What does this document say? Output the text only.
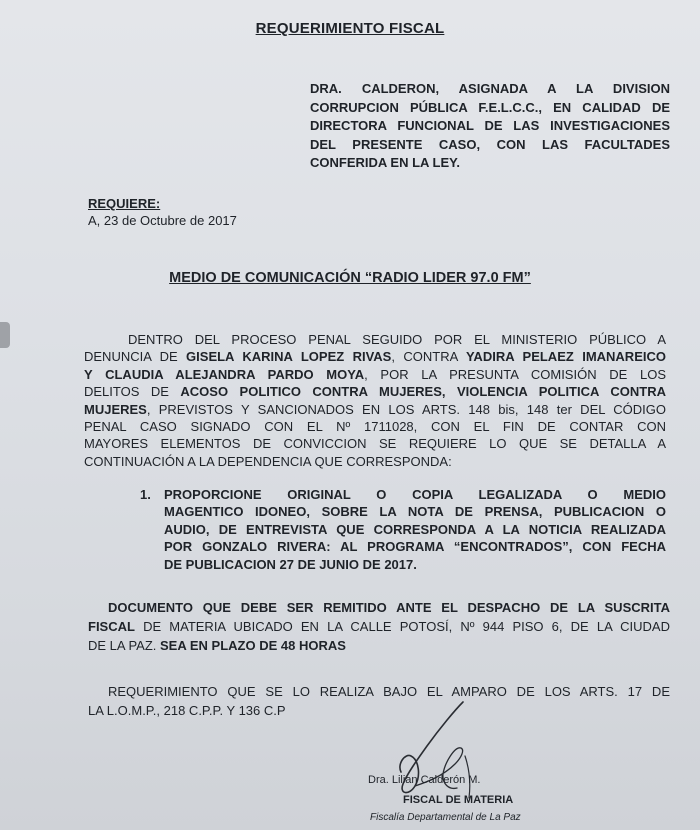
REQUERIMIENTO FISCAL
DRA. CALDERON, ASIGNADA A LA DIVISION
CORRUPCION PÚBLICA F.E.L.C.C., EN CALIDAD DE
DIRECTORA FUNCIONAL DE LAS INVESTIGACIONES
DEL PRESENTE CASO, CON LAS FACULTADES
CONFERIDA EN LA LEY.
REQUIERE:
A, 23 de Octubre de 2017
MEDIO DE COMUNICACIÓN “RADIO LIDER 97.0 FM”
DENTRO DEL PROCESO PENAL SEGUIDO POR EL MINISTERIO PÚBLICO A
DENUNCIA DE GISELA KARINA LOPEZ RIVAS, CONTRA YADIRA PELAEZ IMANAREICO
Y CLAUDIA ALEJANDRA PARDO MOYA, POR LA PRESUNTA COMISIÓN DE LOS
DELITOS DE ACOSO POLITICO CONTRA MUJERES, VIOLENCIA POLITICA CONTRA
MUJERES, PREVISTOS Y SANCIONADOS EN LOS ARTS. 148 bis, 148 ter DEL CÓDIGO
PENAL CASO SIGNADO CON EL Nº 1711028, CON EL FIN DE CONTAR CON
MAYORES ELEMENTOS DE CONVICCION SE REQUIERE LO QUE SE DETALLA A
CONTINUACIÓN A LA DEPENDENCIA QUE CORRESPONDA:
1. PROPORCIONE ORIGINAL O COPIA LEGALIZADA O MEDIO
MAGENTICO IDONEO, SOBRE LA NOTA DE PRENSA, PUBLICACION O
AUDIO, DE ENTREVISTA QUE CORRESPONDA A LA NOTICIA REALIZADA
POR GONZALO RIVERA: AL PROGRAMA “ENCONTRADOS”, CON FECHA
DE PUBLICACION 27 DE JUNIO DE 2017.
DOCUMENTO QUE DEBE SER REMITIDO ANTE EL DESPACHO DE LA SUSCRITA
FISCAL DE MATERIA UBICADO EN LA CALLE POTOSÍ, Nº 944 PISO 6, DE LA CIUDAD
DE LA PAZ. SEA EN PLAZO DE 48 HORAS
REQUERIMIENTO QUE SE LO REALIZA BAJO EL AMPARO DE LOS ARTS. 17 DE
LA L.O.M.P., 218 C.P.P. Y 136 C.P
Dra. Lilian Calderón M.
FISCAL DE MATERIA
Fiscalía Departamental de La Paz
